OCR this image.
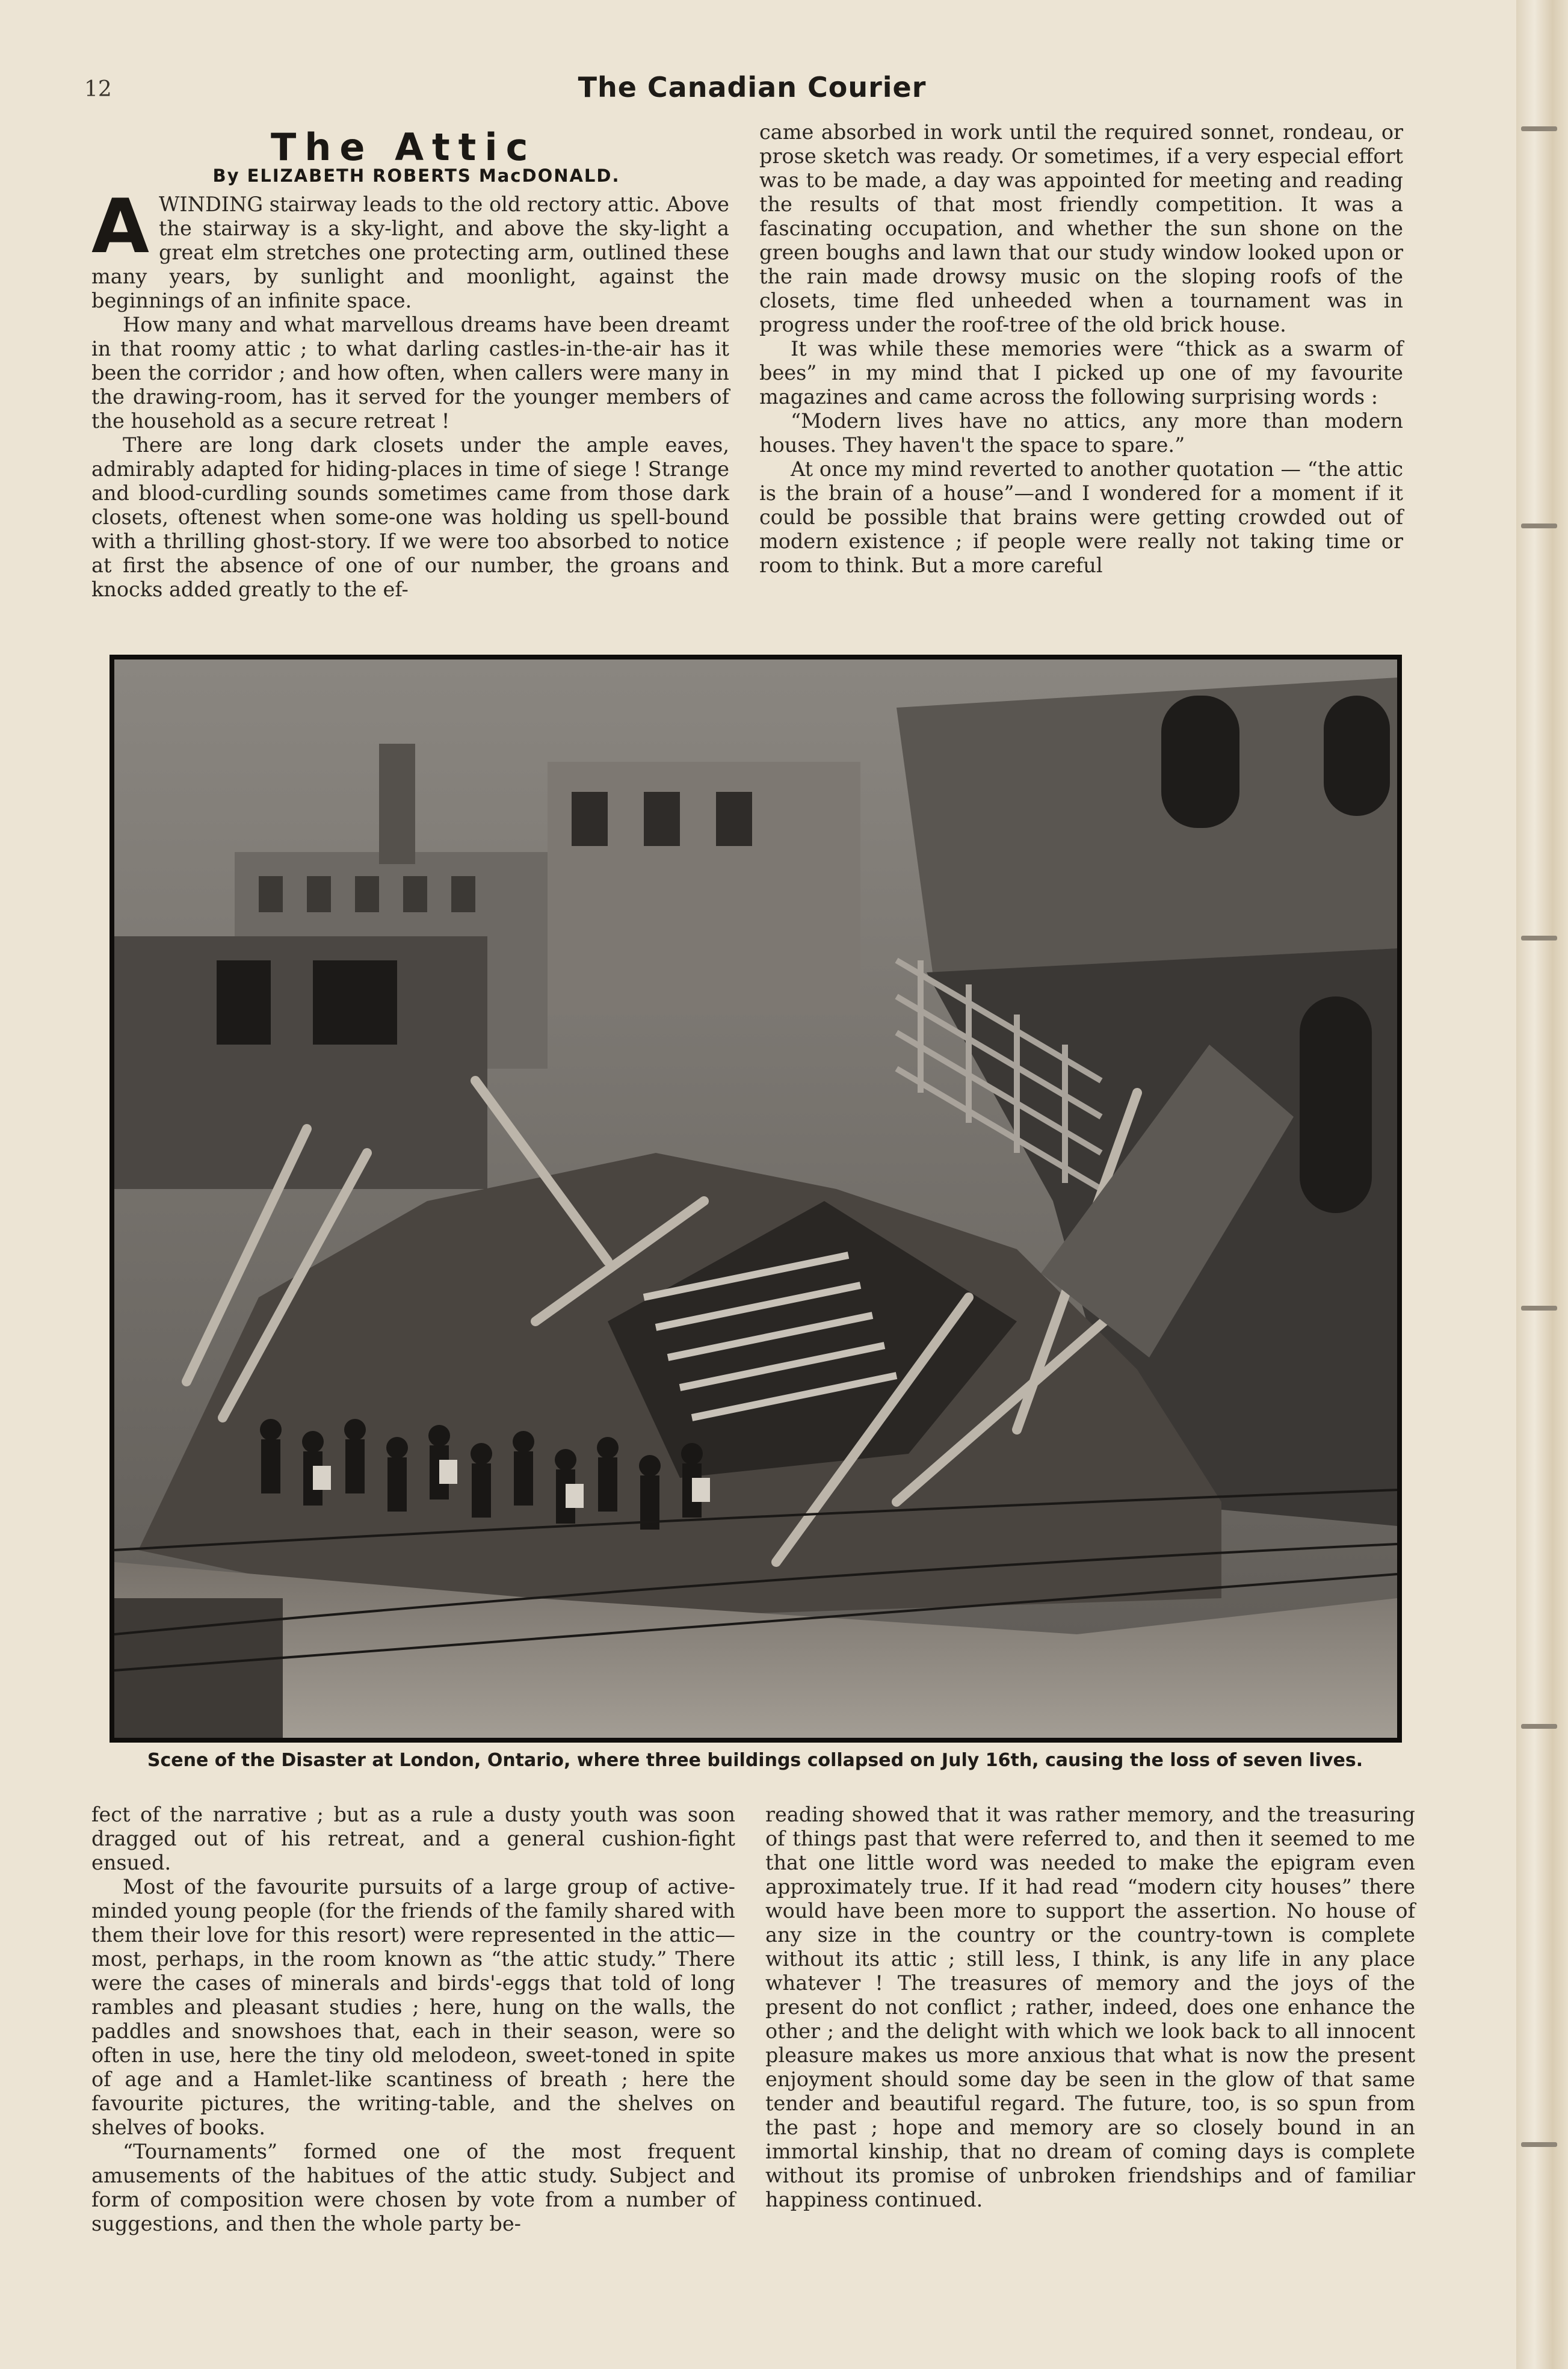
12	The Canadian Courier
The Attic
By ELIZABETH ROBERTS MacDONALD.

AWINDING stairway leads to the old rectory attic. Above the stairway is a sky-light, and above the sky-light a great elm stretches one protecting arm, outlined these many years, by sunlight and moonlight, against the beginnings of an infinite space.

How many and what marvellous dreams have been dreamt in that roomy attic ; to what darling castles-in-the-air has it been the corridor ; and how often, when callers were many in the drawing-room, has it served for the younger members of the household as a secure retreat !

There are long dark closets under the ample eaves, admirably adapted for hiding-places in time of siege ! Strange and blood-curdling sounds sometimes came from those dark closets, oftenest when some-one was holding us spell-bound with a thrilling ghost-story. If we were too absorbed to notice at first the absence of one of our number, the groans and knocks added greatly to the ef-

came absorbed in work until the required sonnet, rondeau, or prose sketch was ready. Or sometimes, if a very especial effort was to be made, a day was appointed for meeting and reading the results of that most friendly competition. It was a fascinating occupation, and whether the sun shone on the green boughs and lawn that our study window looked upon or the rain made drowsy music on the sloping roofs of the closets, time fled unheeded when a tournament was in progress under the roof-tree of the old brick house.

It was while these memories were “thick as a swarm of bees” in my mind that I picked up one of my favourite magazines and came across the following surprising words :

“Modern lives have no attics, any more than modern houses. They haven't the space to spare.”

At once my mind reverted to another quotation — “the attic is the brain of a house”—and I wondered for a moment if it could be possible that brains were getting crowded out of modern existence ; if people were really not taking time or room to think. But a more careful

Scene of the Disaster at London, Ontario, where three buildings collapsed on July 16th, causing the loss of seven lives.

fect of the narrative ; but as a rule a dusty youth was soon dragged out of his retreat, and a general cushion-fight ensued.

Most of the favourite pursuits of a large group of active-minded young people (for the friends of the family shared with them their love for this resort) were represented in the attic—most, perhaps, in the room known as “the attic study.” There were the cases of minerals and birds'-eggs that told of long rambles and pleasant studies ; here, hung on the walls, the paddles and snowshoes that, each in their season, were so often in use, here the tiny old melodeon, sweet-toned in spite of age and a Hamlet-like scantiness of breath ; here the favourite pictures, the writing-table, and the shelves on shelves of books.

“Tournaments” formed one of the most frequent amusements of the habitues of the attic study. Subject and form of composition were chosen by vote from a number of suggestions, and then the whole party be-

reading showed that it was rather memory, and the treasuring of things past that were referred to, and then it seemed to me that one little word was needed to make the epigram even approximately true. If it had read “modern city houses” there would have been more to support the assertion. No house of any size in the country or the country-town is complete without its attic ; still less, I think, is any life in any place whatever ! The treasures of memory and the joys of the present do not conflict ; rather, indeed, does one enhance the other ; and the delight with which we look back to all innocent pleasure makes us more anxious that what is now the present enjoyment should some day be seen in the glow of that same tender and beautiful regard. The future, too, is so spun from the past ; hope and memory are so closely bound in an immortal kinship, that no dream of coming days is complete without its promise of unbroken friendships and of familiar happiness continued.
